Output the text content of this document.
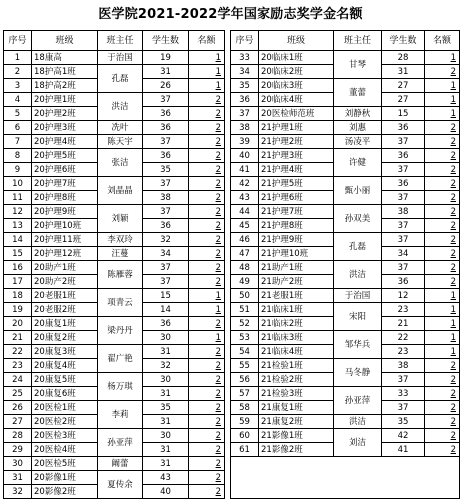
医学院2021-2022学年国家励志奖学金名额
序号	班级	班主任	学生数	名额		序号	班级	班主任	学生数	名额
1	18康高	于治国	19	1		33	20临床1班	甘琴	28	1
2	18护高1班	孔磊	31	1		34	20临床2班		31	2
3	18护高2班		26	1		35	20临床3班	董蕾	27	1
4	20护理1班	洪洁	37	2		36	20临床4班		27	1
5	20护理2班		36	2		37	20医检师范班	刘静秋	15	1
6	20护理3班	冼叶	36	2		38	21护理1班	刘惠	36	2
7	20护理4班	陈天宇	37	2		39	21护理2班	汤凌平	37	2
8	20护理5班	张洁	36	2		40	21护理3班	许健	36	2
9	20护理6班		35	2		41	21护理4班		37	2
10	20护理7班	刘晶晶	37	2		42	21护理5班	甄小丽	36	2
11	20护理8班		38	2		43	21护理6班		37	2
12	20护理9班	刘颖	37	2		44	21护理7班	孙双美	38	2
13	20护理10班		36	2		45	21护理8班		37	2
14	20护理11班	李双玲	32	2		46	21护理9班	孔磊	37	2
15	20护理12班	汪蔓	34	2		47	21护理10班		34	2
16	20助产1班	陈雁蓉	37	2		48	21助产1班	洪洁	37	2
17	20助产2班		37	2		49	21助产2班		36	2
18	20老服1班	项青云	15	1		50	21老服1班	于治国	12	1
19	20老服2班		14	1		51	21临床1班	宋阳	23	1
20	20康复1班	梁丹丹	36	2		52	21临床2班		21	1
21	20康复2班		30	1		53	21临床3班	邹华兵	22	1
22	20康复3班	翟广艳	31	2		54	21临床4班		23	1
23	20康复4班		32	2		55	21检验1班	马冬静	38	2
24	20康复5班	杨万琪	30	2		56	21检验2班		37	2
25	20康复6班		31	2		57	21检验3班	孙亚萍	33	2
26	20医检1班	李莉	35	2		58	21康复1班		37	2
27	20医检2班		31	2		59	21康复2班	洪洁	35	2
28	20医检3班	孙亚萍	30	2		60	21影像1班	刘洁	42	2
29	20医检4班		31	2		61	21影像2班		41	2
30	20医检5班	阚蕾	31	2						
31	20影像1班	夏传余	43	2						
32	20影像2班		40	2						
